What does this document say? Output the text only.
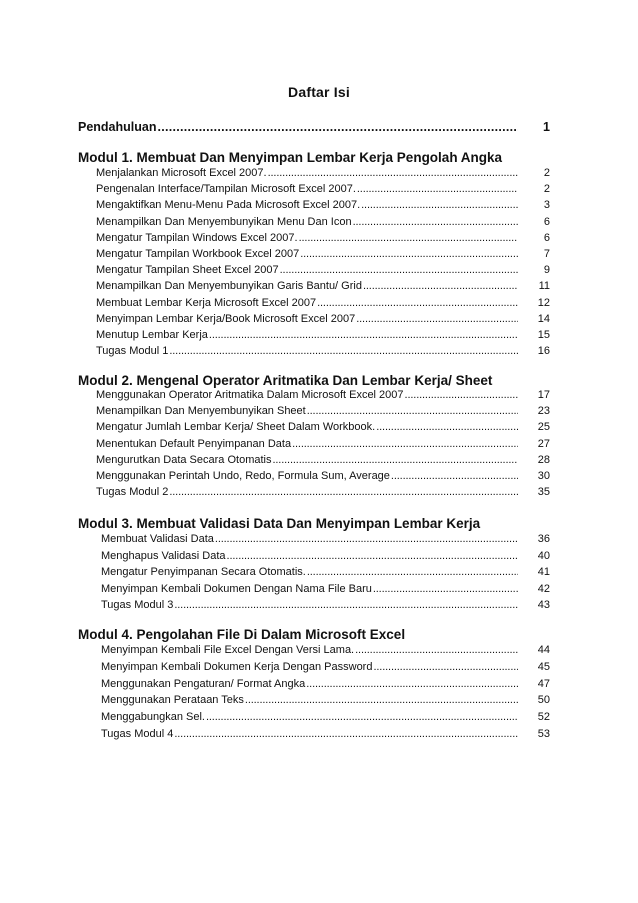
Daftar Isi
Pendahuluan . . .	1
Modul 1. Membuat Dan Menyimpan Lembar Kerja Pengolah Angka
Menjalankan Microsoft Excel 2007. . . .	2
Pengenalan Interface/Tampilan Microsoft Excel 2007. . . .	2
Mengaktifkan Menu-Menu Pada Microsoft Excel 2007. . . .	3
Menampilkan Dan Menyembunyikan Menu Dan Icon . . .	6
Mengatur Tampilan Windows Excel 2007. . . .	6
Mengatur Tampilan Workbook Excel 2007 . . .	7
Mengatur Tampilan Sheet Excel 2007 . . .	9
Menampilkan Dan Menyembunyikan Garis Bantu/ Grid . . .	11
Membuat Lembar Kerja Microsoft Excel 2007 . . .	12
Menyimpan Lembar Kerja/Book Microsoft Excel 2007 . . .	14
Menutup Lembar Kerja . . .	15
Tugas Modul 1 . . .	16
Modul 2. Mengenal Operator Aritmatika Dan Lembar Kerja/ Sheet
Menggunakan Operator Aritmatika Dalam Microsoft Excel 2007 . . .	17
Menampilkan Dan Menyembunyikan Sheet . . .	23
Mengatur Jumlah Lembar Kerja/ Sheet Dalam Workbook. . . .	25
Menentukan Default Penyimpanan Data . . .	27
Mengurutkan Data Secara Otomatis . . .	28
Menggunakan Perintah Undo, Redo, Formula Sum, Average . . .	30
Tugas Modul 2 . . .	35
Modul 3. Membuat Validasi Data Dan Menyimpan Lembar Kerja
Membuat Validasi Data . . .	36
Menghapus Validasi Data . . .	40
Mengatur Penyimpanan Secara Otomatis. . . .	41
Menyimpan Kembali Dokumen Dengan Nama File Baru . . .	42
Tugas Modul 3 . . .	43
Modul 4. Pengolahan File Di Dalam Microsoft Excel
Menyimpan Kembali File Excel Dengan Versi Lama. . . .	44
Menyimpan Kembali Dokumen Kerja Dengan Password . . .	45
Menggunakan Pengaturan/ Format Angka . . .	47
Menggunakan Perataan Teks . . .	50
Menggabungkan Sel. . . .	52
Tugas Modul 4 . . .	53
